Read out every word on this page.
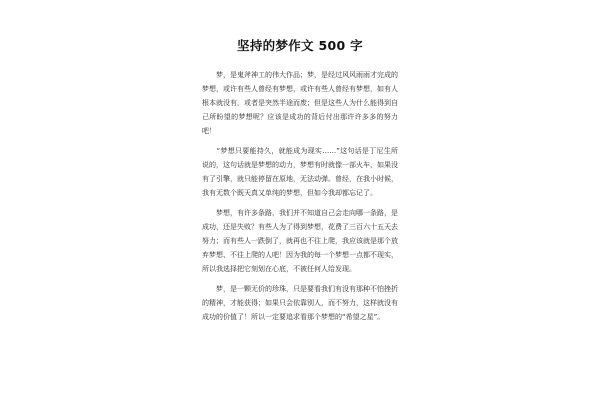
坚持的梦作文 500 字

　　梦，是鬼斧神工的伟大作品；梦，是经过风风雨雨才完成的梦想，或许有些人曾经有梦想，或许有些人曾经有梦想，如有人根本就没有，或者是突然半途而废；但是这些人为什么能得到自己所盼望的梦想呢？应该是成功的背后付出那许许多多的努力吧！

　　“梦想只要能持久，就能成为现实……”这句话是丁尼生所说的，这句话就是梦想的动力，梦想有时就像一部火车，如果没有了引擎，就只能停留在原地，无法动弹。曾经，在我小时候，我有无数个既天真又单纯的梦想，但如今我却都忘记了。

　　梦想，有许多条路，我们并不知道自己会走向哪一条路，是成功，还是失败？有些人为了得到梦想，花费了三百六十五天去努力；而有些人一跌倒了，就再也不往上爬，我应该就是那个放弃梦想、不往上爬的人吧！因为我的每一个梦想一点都不现实，所以我选择把它刻划在心底，不被任何人给发现。

　　梦，是一颗无价的珍珠，只是要看我们有没有那种不怕挫折的精神，才能获得；如果只会依靠别人，而不努力，这样就没有成功的价值了！所以一定要追求看那个梦想的“希望之星”。
